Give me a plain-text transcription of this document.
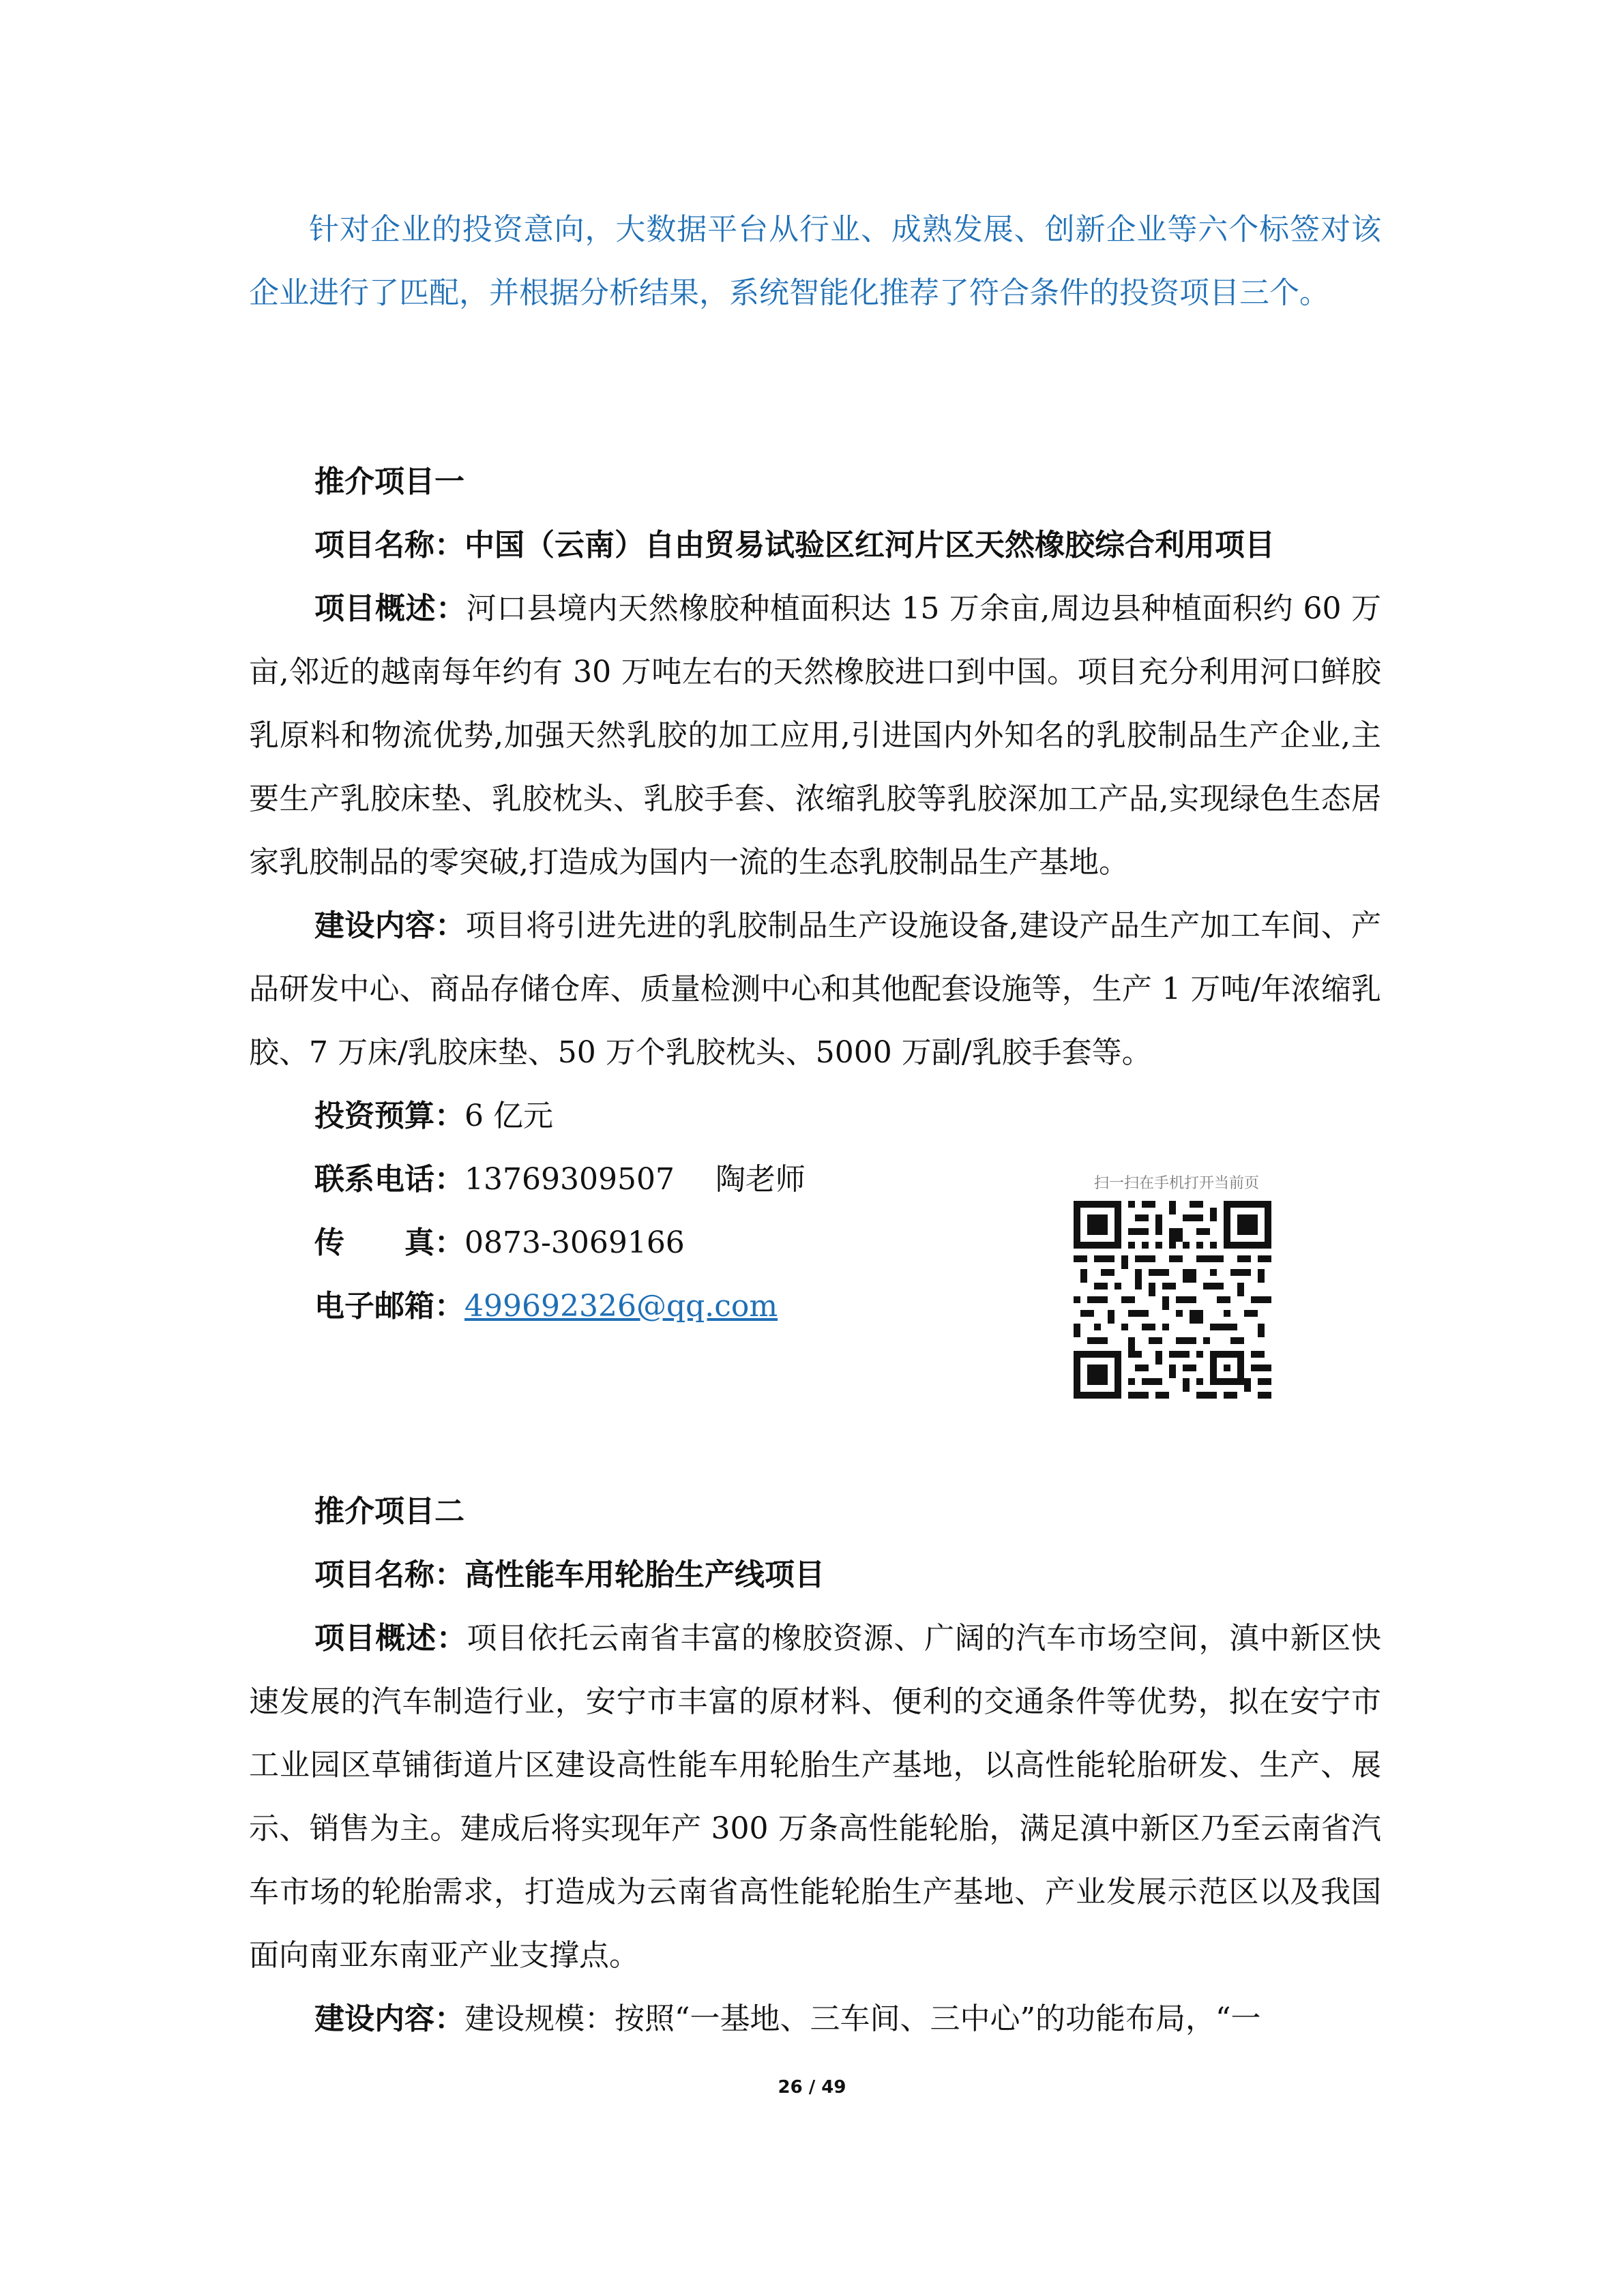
针对企业的投资意向，大数据平台从行业、成熟发展、创新企业等六个标签对该企业进行了匹配，并根据分析结果，系统智能化推荐了符合条件的投资项目三个。

推介项目一

项目名称：中国（云南）自由贸易试验区红河片区天然橡胶综合利用项目

项目概述：河口县境内天然橡胶种植面积达 15 万余亩,周边县种植面积约 60 万亩,邻近的越南每年约有 30 万吨左右的天然橡胶进口到中国。项目充分利用河口鲜胶乳原料和物流优势,加强天然乳胶的加工应用,引进国内外知名的乳胶制品生产企业,主要生产乳胶床垫、乳胶枕头、乳胶手套、浓缩乳胶等乳胶深加工产品,实现绿色生态居家乳胶制品的零突破,打造成为国内一流的生态乳胶制品生产基地。

建设内容：项目将引进先进的乳胶制品生产设施设备,建设产品生产加工车间、产品研发中心、商品存储仓库、质量检测中心和其他配套设施等，生产 1 万吨/年浓缩乳胶、7 万床/乳胶床垫、50 万个乳胶枕头、5000 万副/乳胶手套等。

投资预算：6 亿元

联系电话：13769309507 陶老师

传　　真：0873-3069166

电子邮箱：499692326@qq.com

扫一扫在手机打开当前页

推介项目二

项目名称：高性能车用轮胎生产线项目

项目概述：项目依托云南省丰富的橡胶资源、广阔的汽车市场空间，滇中新区快速发展的汽车制造行业，安宁市丰富的原材料、便利的交通条件等优势，拟在安宁市工业园区草铺街道片区建设高性能车用轮胎生产基地，以高性能轮胎研发、生产、展示、销售为主。建成后将实现年产 300 万条高性能轮胎，满足滇中新区乃至云南省汽车市场的轮胎需求，打造成为云南省高性能轮胎生产基地、产业发展示范区以及我国面向南亚东南亚产业支撑点。

建设内容：建设规模：按照“一基地、三车间、三中心”的功能布局，“一

26 / 49
